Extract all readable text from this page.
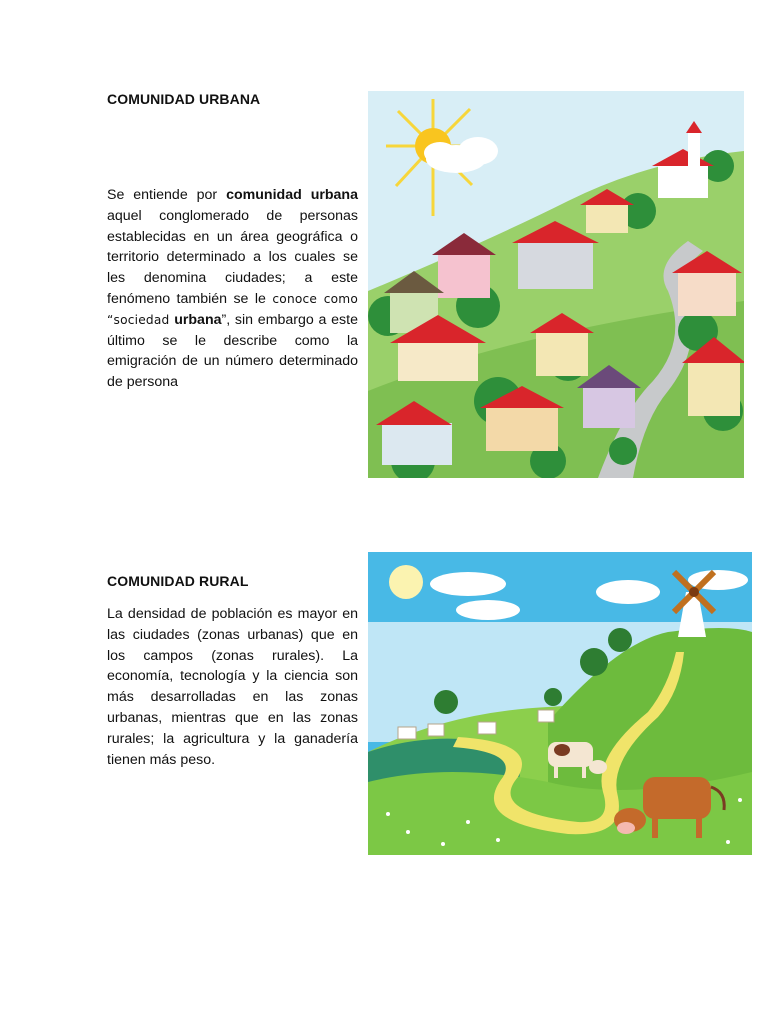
COMUNIDAD URBANA

Se entiende por comunidad urbana aquel conglomerado de personas establecidas en un área geográfica o territorio determinado a los cuales se les denomina ciudades; a este fenómeno también se le conoce como “sociedad urbana”, sin embargo a este último se le describe como la emigración de un número determinado de persona

COMUNIDAD RURAL

La densidad de población es mayor en las ciudades (zonas urbanas) que en los campos (zonas rurales). La economía, tecnología y la ciencia son más desarrolladas en las zonas urbanas, mientras que en las zonas rurales; la agricultura y la ganadería tienen más peso.
